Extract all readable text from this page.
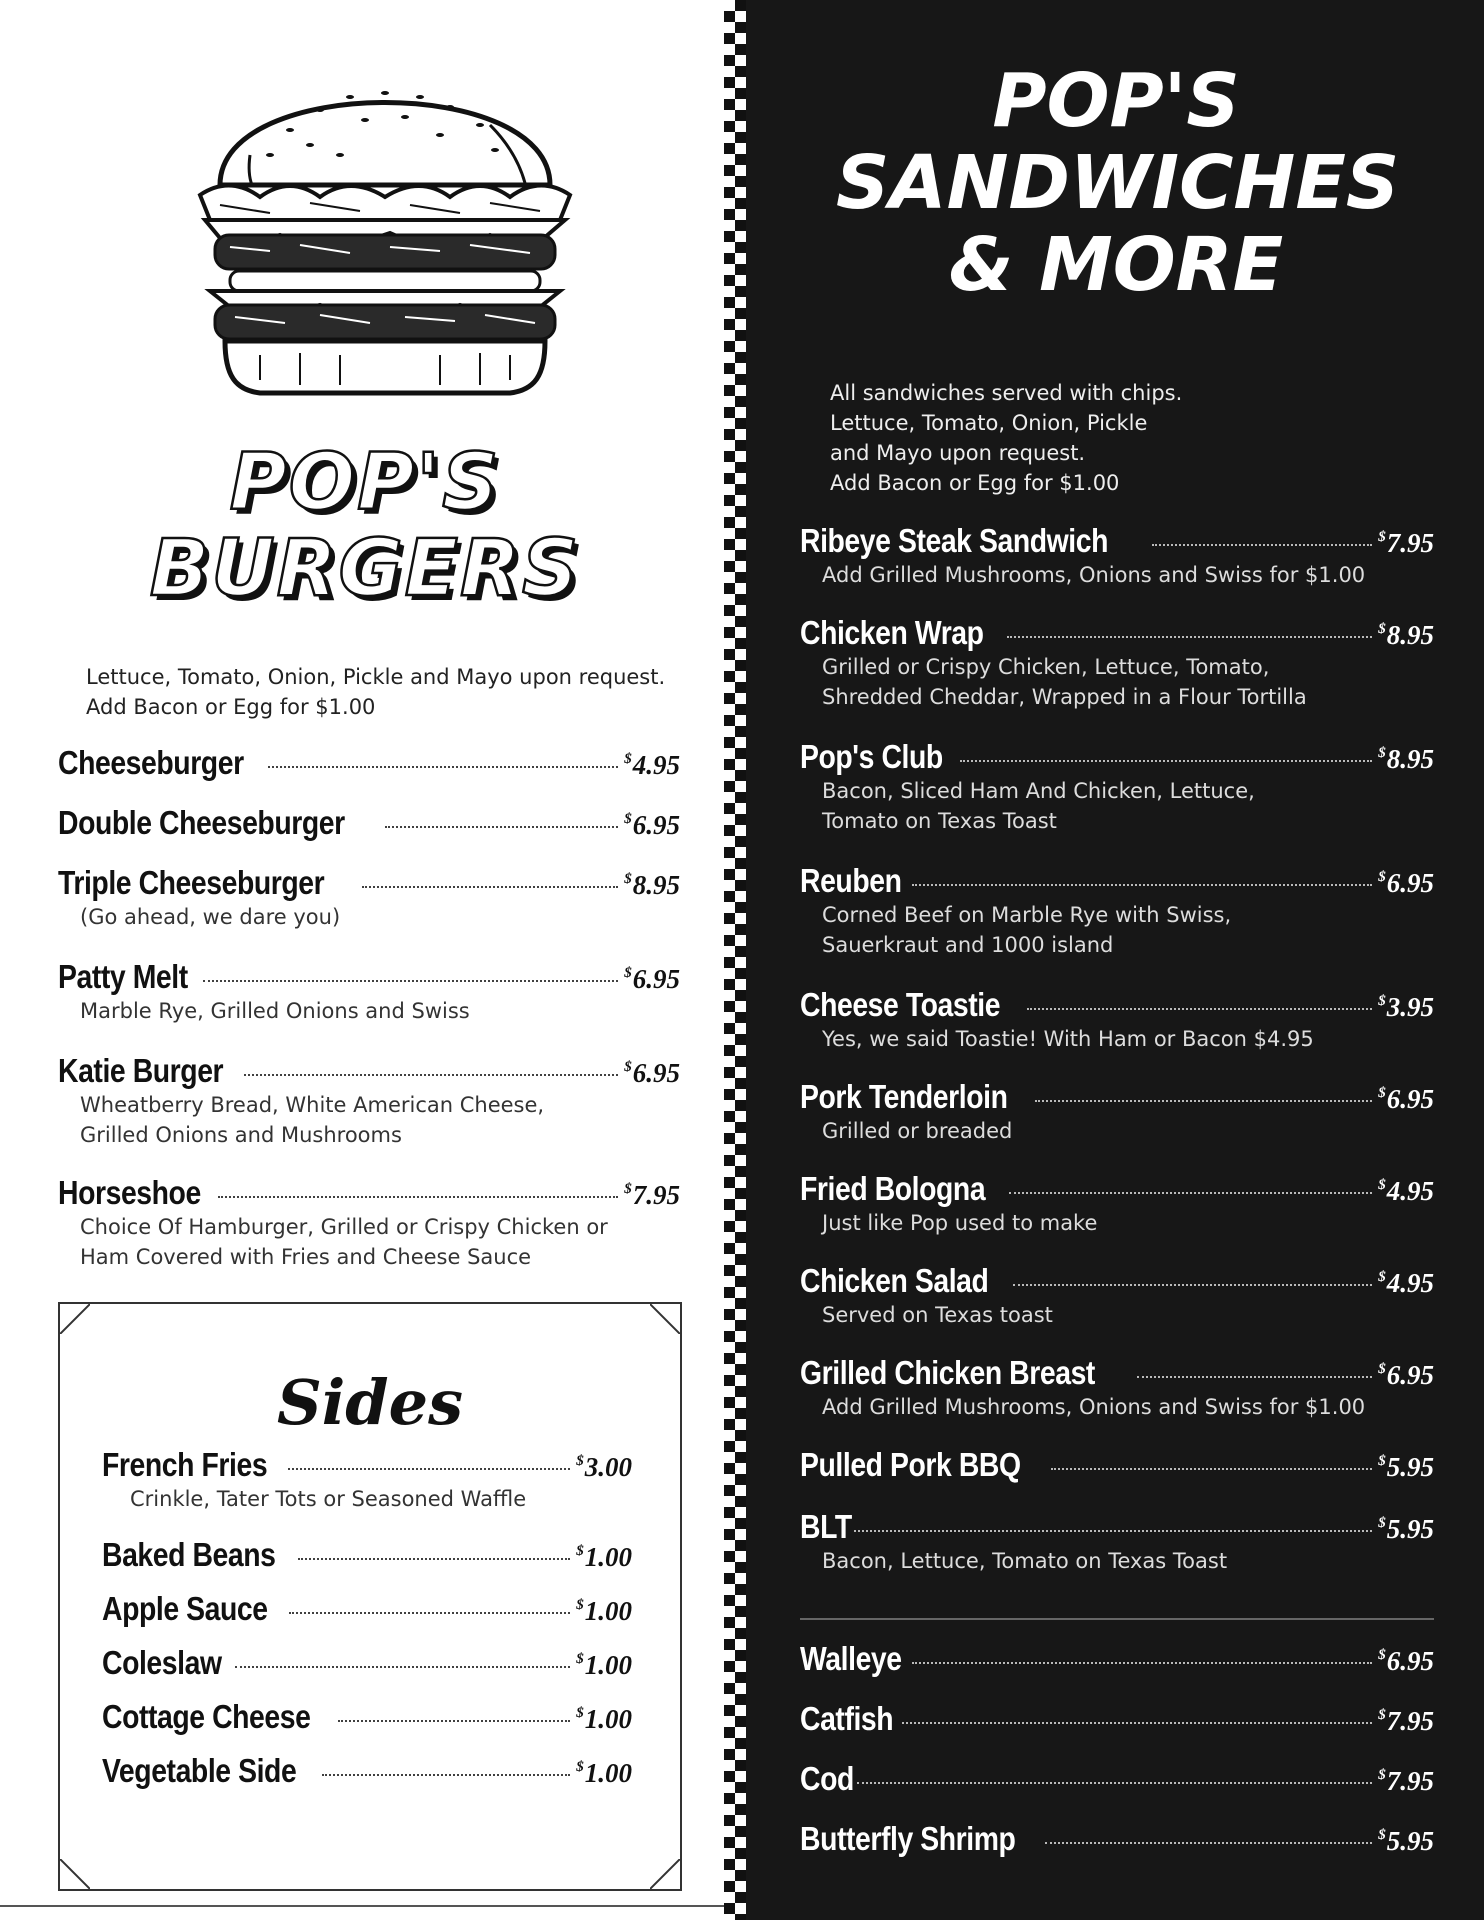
POP'S
BURGERS
Lettuce, Tomato, Onion, Pickle and Mayo upon request.
Add Bacon or Egg for $1.00
Cheeseburger	$4.95
Double Cheeseburger	$6.95
Triple Cheeseburger	$8.95
(Go ahead, we dare you)
Patty Melt	$6.95
Marble Rye, Grilled Onions and Swiss
Katie Burger	$6.95
Wheatberry Bread, White American Cheese,
Grilled Onions and Mushrooms
Horseshoe	$7.95
Choice Of Hamburger, Grilled or Crispy Chicken or
Ham Covered with Fries and Cheese Sauce
Sides
French Fries	$3.00
Crinkle, Tater Tots or Seasoned Waffle
Baked Beans	$1.00
Apple Sauce	$1.00
Coleslaw	$1.00
Cottage Cheese	$1.00
Vegetable Side	$1.00
POP'S
SANDWICHES
& MORE
All sandwiches served with chips.
Lettuce, Tomato, Onion, Pickle
and Mayo upon request.
Add Bacon or Egg for $1.00
Ribeye Steak Sandwich	$7.95
Add Grilled Mushrooms, Onions and Swiss for $1.00
Chicken Wrap	$8.95
Grilled or Crispy Chicken, Lettuce, Tomato,
Shredded Cheddar, Wrapped in a Flour Tortilla
Pop's Club	$8.95
Bacon, Sliced Ham And Chicken, Lettuce,
Tomato on Texas Toast
Reuben	$6.95
Corned Beef on Marble Rye with Swiss,
Sauerkraut and 1000 island
Cheese Toastie	$3.95
Yes, we said Toastie! With Ham or Bacon $4.95
Pork Tenderloin	$6.95
Grilled or breaded
Fried Bologna	$4.95
Just like Pop used to make
Chicken Salad	$4.95
Served on Texas toast
Grilled Chicken Breast	$6.95
Add Grilled Mushrooms, Onions and Swiss for $1.00
Pulled Pork BBQ	$5.95
BLT	$5.95
Bacon, Lettuce, Tomato on Texas Toast
Walleye	$6.95
Catfish	$7.95
Cod	$7.95
Butterfly Shrimp	$5.95
